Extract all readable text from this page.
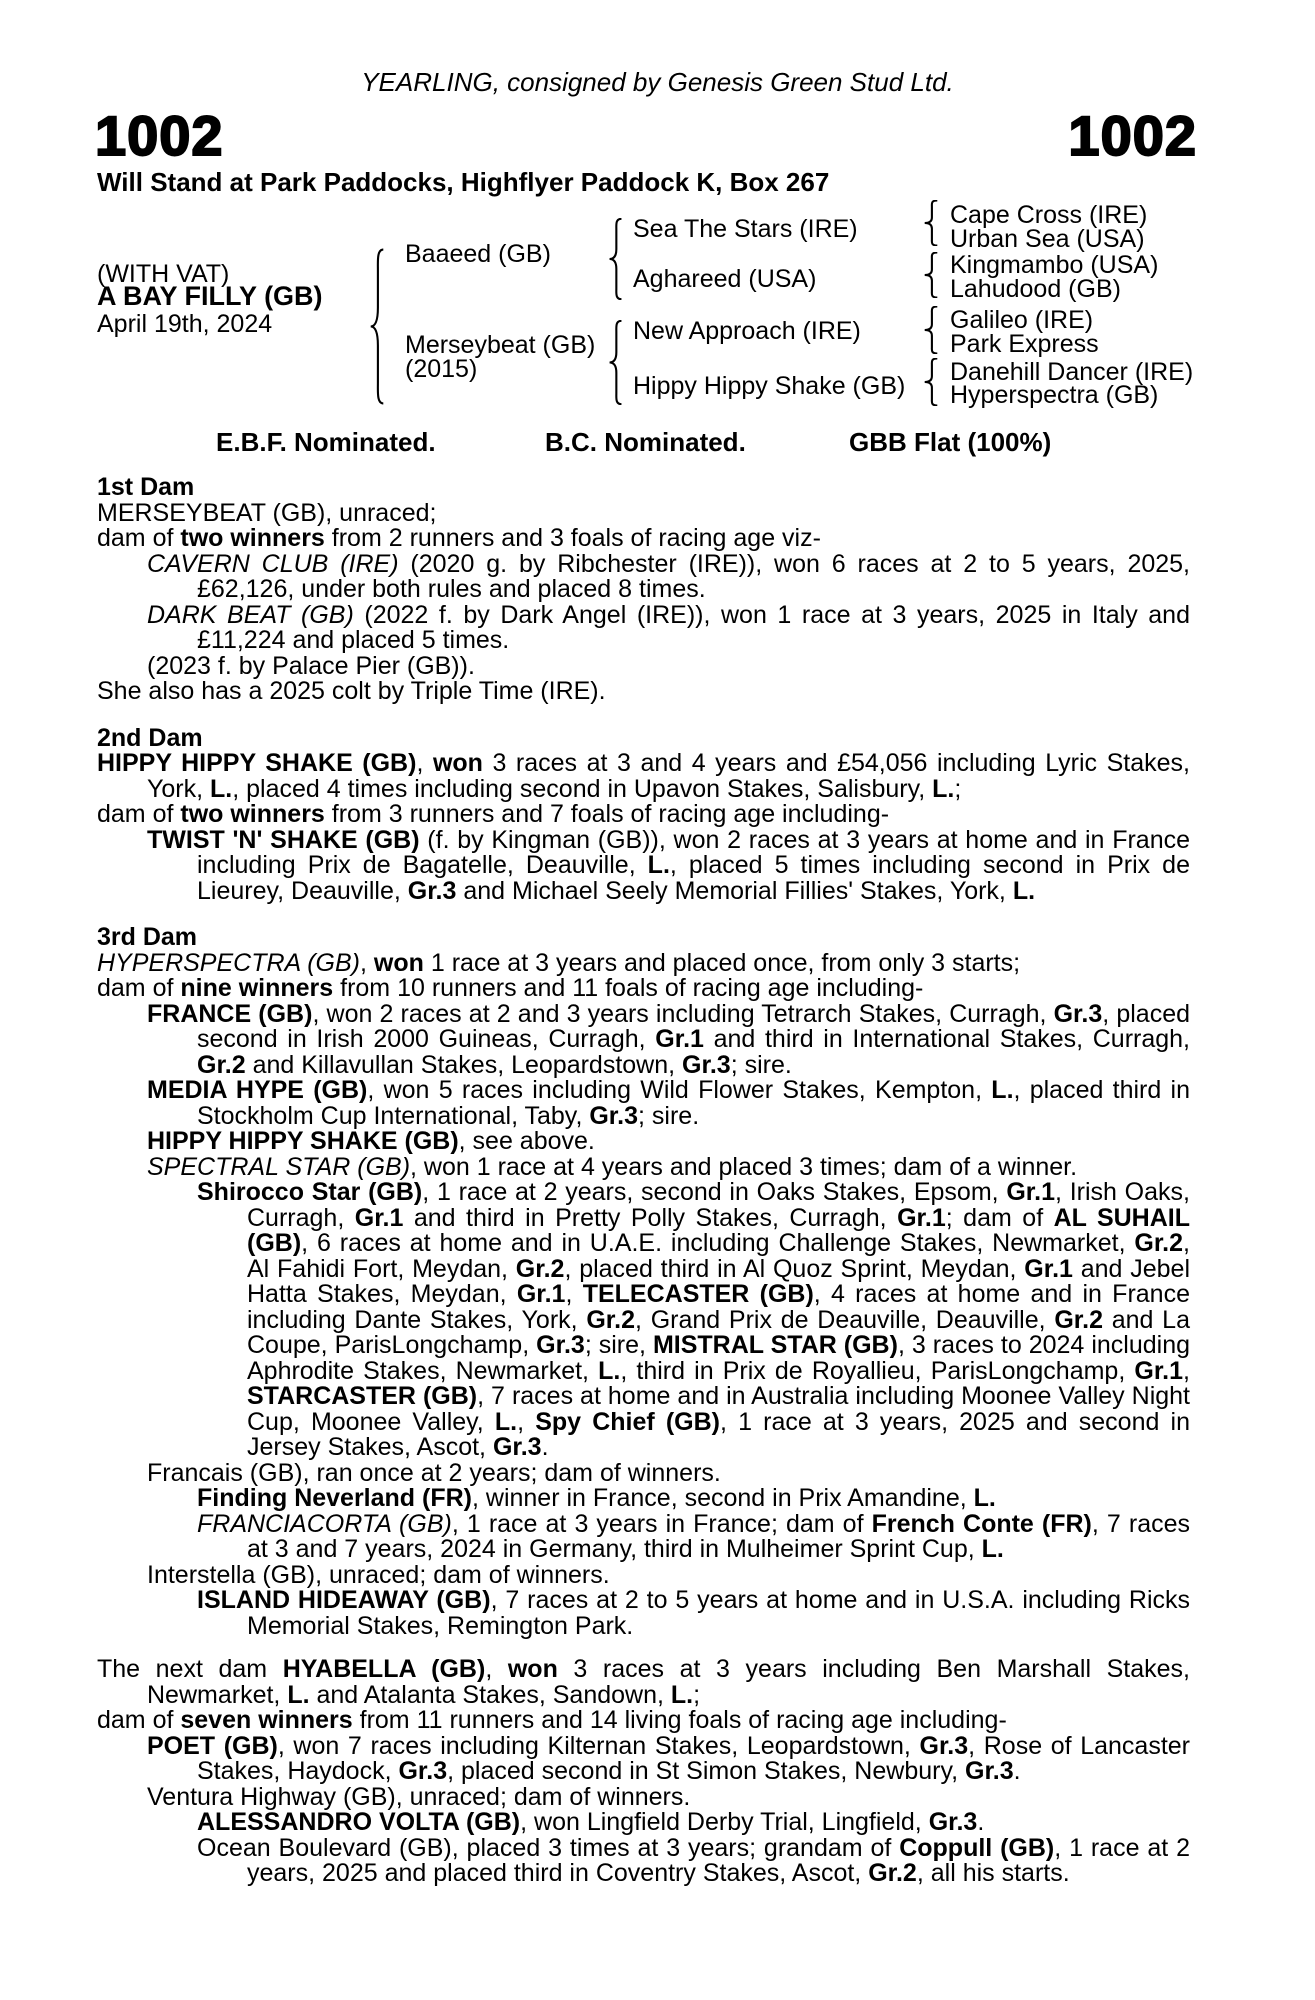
YEARLING, consigned by Genesis Green Stud Ltd.
1002	1002
Will Stand at Park Paddocks, Highflyer Paddock K, Box 267
(WITH VAT)
A BAY FILLY (GB)
April 19th, 2024
Baaeed (GB)
Merseybeat (GB)
(2015)
Sea The Stars (IRE)
Aghareed (USA)
New Approach (IRE)
Hippy Hippy Shake (GB)
Cape Cross (IRE)
Urban Sea (USA)
Kingmambo (USA)
Lahudood (GB)
Galileo (IRE)
Park Express
Danehill Dancer (IRE)
Hyperspectra (GB)
E.B.F. Nominated.	B.C. Nominated.	GBB Flat (100%)
1st Dam
MERSEYBEAT (GB), unraced;
dam of two winners from 2 runners and 3 foals of racing age viz-
CAVERN CLUB (IRE) (2020 g. by Ribchester (IRE)), won 6 races at 2 to 5 years, 2025, £62,126, under both rules and placed 8 times.
DARK BEAT (GB) (2022 f. by Dark Angel (IRE)), won 1 race at 3 years, 2025 in Italy and £11,224 and placed 5 times.
(2023 f. by Palace Pier (GB)).
She also has a 2025 colt by Triple Time (IRE).
2nd Dam
HIPPY HIPPY SHAKE (GB), won 3 races at 3 and 4 years and £54,056 including Lyric Stakes, York, L., placed 4 times including second in Upavon Stakes, Salisbury, L.;
dam of two winners from 3 runners and 7 foals of racing age including-
TWIST 'N' SHAKE (GB) (f. by Kingman (GB)), won 2 races at 3 years at home and in France including Prix de Bagatelle, Deauville, L., placed 5 times including second in Prix de Lieurey, Deauville, Gr.3 and Michael Seely Memorial Fillies' Stakes, York, L.
3rd Dam
HYPERSPECTRA (GB), won 1 race at 3 years and placed once, from only 3 starts;
dam of nine winners from 10 runners and 11 foals of racing age including-
FRANCE (GB), won 2 races at 2 and 3 years including Tetrarch Stakes, Curragh, Gr.3, placed second in Irish 2000 Guineas, Curragh, Gr.1 and third in International Stakes, Curragh, Gr.2 and Killavullan Stakes, Leopardstown, Gr.3; sire.
MEDIA HYPE (GB), won 5 races including Wild Flower Stakes, Kempton, L., placed third in Stockholm Cup International, Taby, Gr.3; sire.
HIPPY HIPPY SHAKE (GB), see above.
SPECTRAL STAR (GB), won 1 race at 4 years and placed 3 times; dam of a winner.
Shirocco Star (GB), 1 race at 2 years, second in Oaks Stakes, Epsom, Gr.1, Irish Oaks, Curragh, Gr.1 and third in Pretty Polly Stakes, Curragh, Gr.1; dam of AL SUHAIL (GB), 6 races at home and in U.A.E. including Challenge Stakes, Newmarket, Gr.2, Al Fahidi Fort, Meydan, Gr.2, placed third in Al Quoz Sprint, Meydan, Gr.1 and Jebel Hatta Stakes, Meydan, Gr.1, TELECASTER (GB), 4 races at home and in France including Dante Stakes, York, Gr.2, Grand Prix de Deauville, Deauville, Gr.2 and La Coupe, ParisLongchamp, Gr.3; sire, MISTRAL STAR (GB), 3 races to 2024 including Aphrodite Stakes, Newmarket, L., third in Prix de Royallieu, ParisLongchamp, Gr.1, STARCASTER (GB), 7 races at home and in Australia including Moonee Valley Night Cup, Moonee Valley, L., Spy Chief (GB), 1 race at 3 years, 2025 and second in Jersey Stakes, Ascot, Gr.3.
Francais (GB), ran once at 2 years; dam of winners.
Finding Neverland (FR), winner in France, second in Prix Amandine, L.
FRANCIACORTA (GB), 1 race at 3 years in France; dam of French Conte (FR), 7 races at 3 and 7 years, 2024 in Germany, third in Mulheimer Sprint Cup, L.
Interstella (GB), unraced; dam of winners.
ISLAND HIDEAWAY (GB), 7 races at 2 to 5 years at home and in U.S.A. including Ricks Memorial Stakes, Remington Park.
The next dam HYABELLA (GB), won 3 races at 3 years including Ben Marshall Stakes, Newmarket, L. and Atalanta Stakes, Sandown, L.;
dam of seven winners from 11 runners and 14 living foals of racing age including-
POET (GB), won 7 races including Kilternan Stakes, Leopardstown, Gr.3, Rose of Lancaster Stakes, Haydock, Gr.3, placed second in St Simon Stakes, Newbury, Gr.3.
Ventura Highway (GB), unraced; dam of winners.
ALESSANDRO VOLTA (GB), won Lingfield Derby Trial, Lingfield, Gr.3.
Ocean Boulevard (GB), placed 3 times at 3 years; grandam of Coppull (GB), 1 race at 2 years, 2025 and placed third in Coventry Stakes, Ascot, Gr.2, all his starts.
